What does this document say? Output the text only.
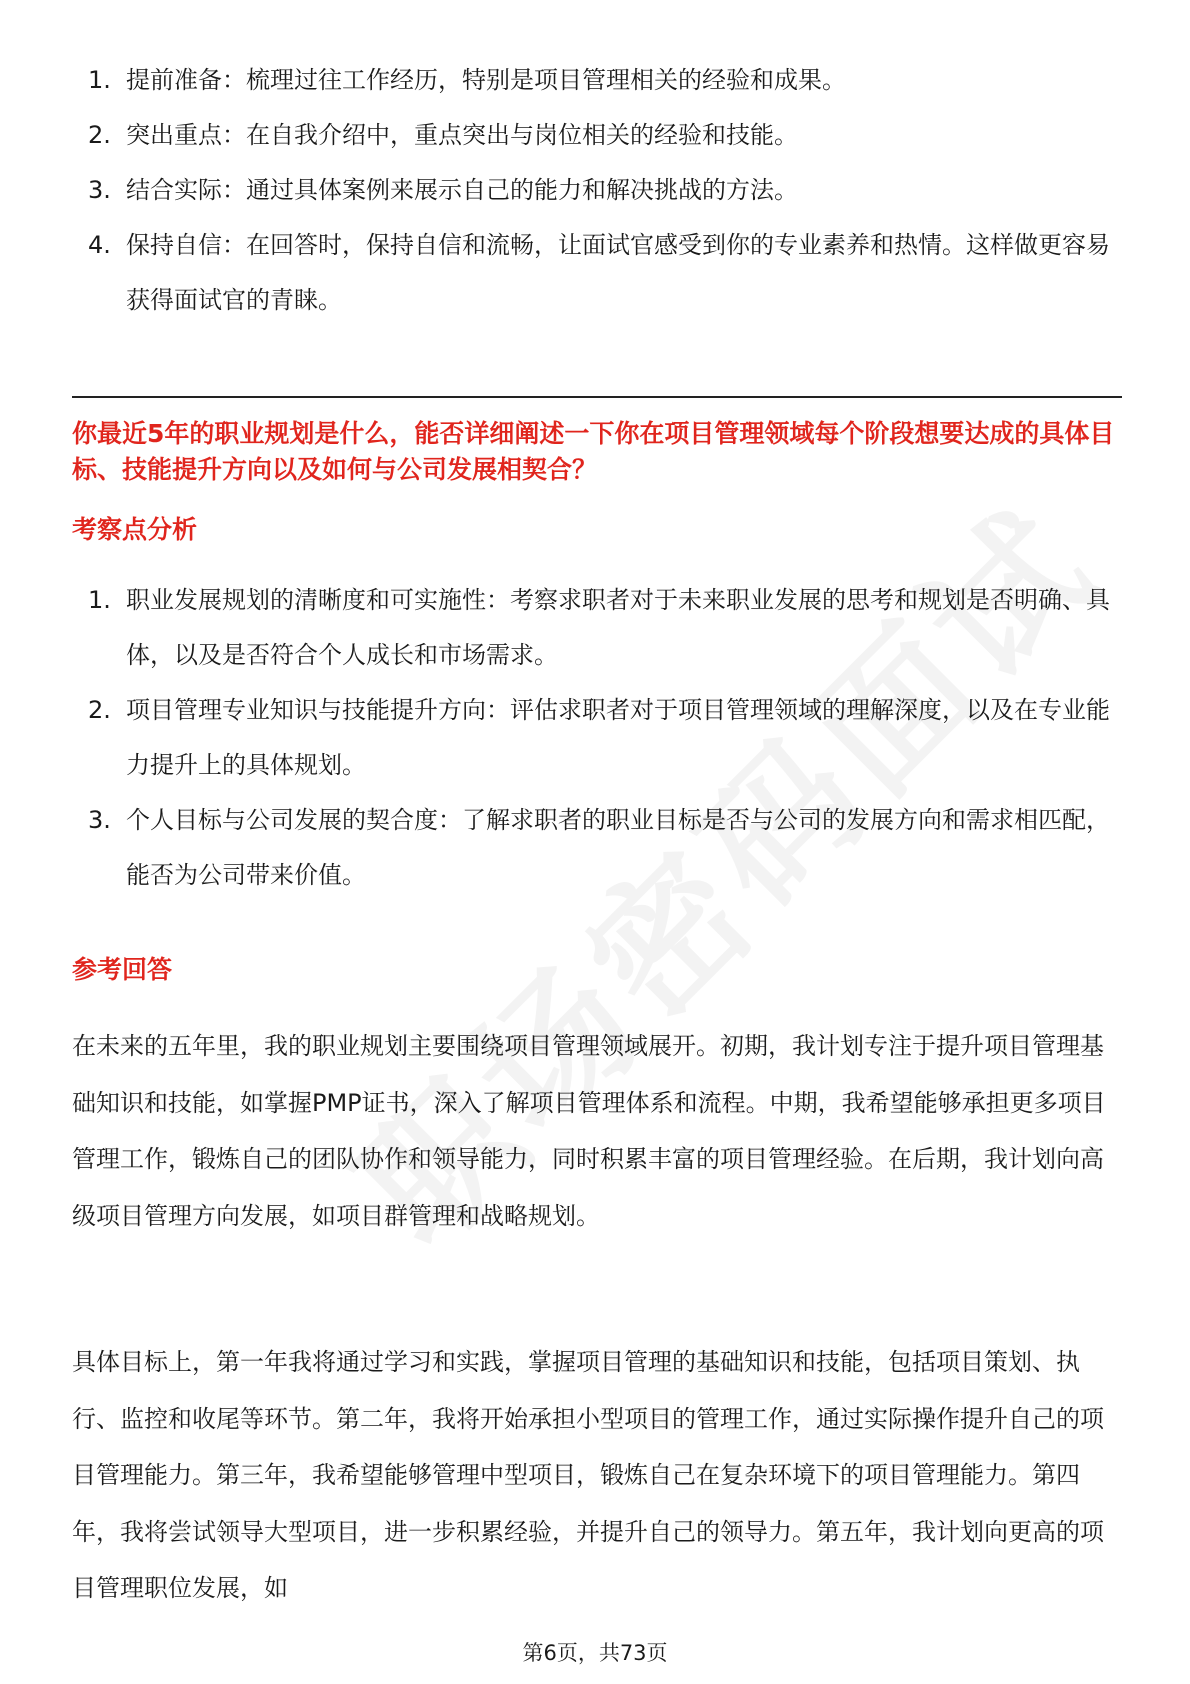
1. 提前准备：梳理过往工作经历，特别是项目管理相关的经验和成果。
2. 突出重点：在自我介绍中，重点突出与岗位相关的经验和技能。
3. 结合实际：通过具体案例来展示自己的能力和解决挑战的方法。
4. 保持自信：在回答时，保持自信和流畅，让面试官感受到你的专业素养和热情。这样做更容易获得面试官的青睐。
你最近5年的职业规划是什么，能否详细阐述一下你在项目管理领域每个阶段想要达成的具体目标、技能提升方向以及如何与公司发展相契合？
考察点分析
1. 职业发展规划的清晰度和可实施性：考察求职者对于未来职业发展的思考和规划是否明确、具体，以及是否符合个人成长和市场需求。
2. 项目管理专业知识与技能提升方向：评估求职者对于项目管理领域的理解深度，以及在专业能力提升上的具体规划。
3. 个人目标与公司发展的契合度：了解求职者的职业目标是否与公司的发展方向和需求相匹配，能否为公司带来价值。
参考回答

在未来的五年里，我的职业规划主要围绕项目管理领域展开。初期，我计划专注于提升项目管理基础知识和技能，如掌握PMP证书，深入了解项目管理体系和流程。中期，我希望能够承担更多项目管理工作，锻炼自己的团队协作和领导能力，同时积累丰富的项目管理经验。在后期，我计划向高级项目管理方向发展，如项目群管理和战略规划。

具体目标上，第一年我将通过学习和实践，掌握项目管理的基础知识和技能，包括项目策划、执行、监控和收尾等环节。第二年，我将开始承担小型项目的管理工作，通过实际操作提升自己的项目管理能力。第三年，我希望能够管理中型项目，锻炼自己在复杂环境下的项目管理能力。第四年，我将尝试领导大型项目，进一步积累经验，并提升自己的领导力。第五年，我计划向更高的项目管理职位发展，如

第6页，共73页
